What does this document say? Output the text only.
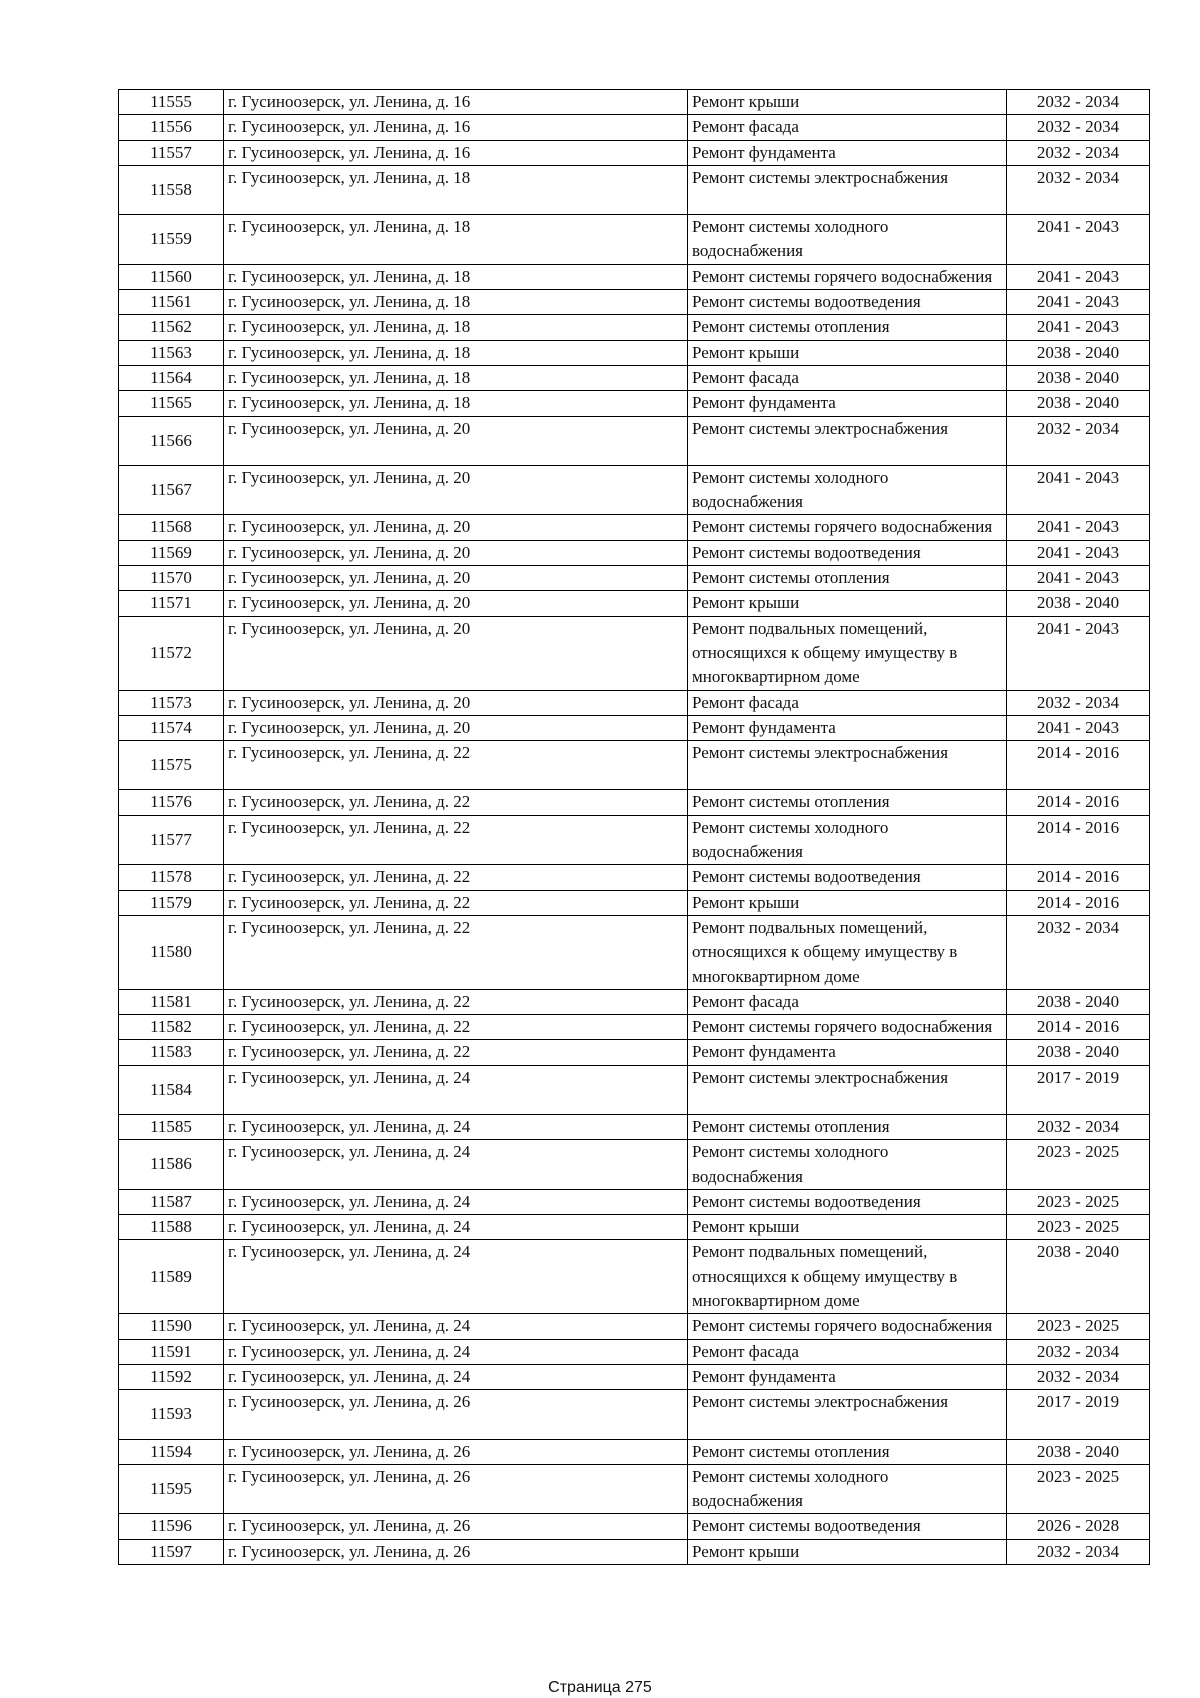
11555	г. Гусиноозерск, ул. Ленина, д. 16	Ремонт крыши	2032 - 2034
11556	г. Гусиноозерск, ул. Ленина, д. 16	Ремонт фасада	2032 - 2034
11557	г. Гусиноозерск, ул. Ленина, д. 16	Ремонт фундамента	2032 - 2034
11558	г. Гусиноозерск, ул. Ленина, д. 18	Ремонт системы электроснабжения	2032 - 2034
11559	г. Гусиноозерск, ул. Ленина, д. 18	Ремонт системы холодного водоснабжения	2041 - 2043
11560	г. Гусиноозерск, ул. Ленина, д. 18	Ремонт системы горячего водоснабжения	2041 - 2043
11561	г. Гусиноозерск, ул. Ленина, д. 18	Ремонт системы водоотведения	2041 - 2043
11562	г. Гусиноозерск, ул. Ленина, д. 18	Ремонт системы отопления	2041 - 2043
11563	г. Гусиноозерск, ул. Ленина, д. 18	Ремонт крыши	2038 - 2040
11564	г. Гусиноозерск, ул. Ленина, д. 18	Ремонт фасада	2038 - 2040
11565	г. Гусиноозерск, ул. Ленина, д. 18	Ремонт фундамента	2038 - 2040
11566	г. Гусиноозерск, ул. Ленина, д. 20	Ремонт системы электроснабжения	2032 - 2034
11567	г. Гусиноозерск, ул. Ленина, д. 20	Ремонт системы холодного водоснабжения	2041 - 2043
11568	г. Гусиноозерск, ул. Ленина, д. 20	Ремонт системы горячего водоснабжения	2041 - 2043
11569	г. Гусиноозерск, ул. Ленина, д. 20	Ремонт системы водоотведения	2041 - 2043
11570	г. Гусиноозерск, ул. Ленина, д. 20	Ремонт системы отопления	2041 - 2043
11571	г. Гусиноозерск, ул. Ленина, д. 20	Ремонт крыши	2038 - 2040
11572	г. Гусиноозерск, ул. Ленина, д. 20	Ремонт подвальных помещений, относящихся к общему имуществу в многоквартирном доме	2041 - 2043
11573	г. Гусиноозерск, ул. Ленина, д. 20	Ремонт фасада	2032 - 2034
11574	г. Гусиноозерск, ул. Ленина, д. 20	Ремонт фундамента	2041 - 2043
11575	г. Гусиноозерск, ул. Ленина, д. 22	Ремонт системы электроснабжения	2014 - 2016
11576	г. Гусиноозерск, ул. Ленина, д. 22	Ремонт системы отопления	2014 - 2016
11577	г. Гусиноозерск, ул. Ленина, д. 22	Ремонт системы холодного водоснабжения	2014 - 2016
11578	г. Гусиноозерск, ул. Ленина, д. 22	Ремонт системы водоотведения	2014 - 2016
11579	г. Гусиноозерск, ул. Ленина, д. 22	Ремонт крыши	2014 - 2016
11580	г. Гусиноозерск, ул. Ленина, д. 22	Ремонт подвальных помещений, относящихся к общему имуществу в многоквартирном доме	2032 - 2034
11581	г. Гусиноозерск, ул. Ленина, д. 22	Ремонт фасада	2038 - 2040
11582	г. Гусиноозерск, ул. Ленина, д. 22	Ремонт системы горячего водоснабжения	2014 - 2016
11583	г. Гусиноозерск, ул. Ленина, д. 22	Ремонт фундамента	2038 - 2040
11584	г. Гусиноозерск, ул. Ленина, д. 24	Ремонт системы электроснабжения	2017 - 2019
11585	г. Гусиноозерск, ул. Ленина, д. 24	Ремонт системы отопления	2032 - 2034
11586	г. Гусиноозерск, ул. Ленина, д. 24	Ремонт системы холодного водоснабжения	2023 - 2025
11587	г. Гусиноозерск, ул. Ленина, д. 24	Ремонт системы водоотведения	2023 - 2025
11588	г. Гусиноозерск, ул. Ленина, д. 24	Ремонт крыши	2023 - 2025
11589	г. Гусиноозерск, ул. Ленина, д. 24	Ремонт подвальных помещений, относящихся к общему имуществу в многоквартирном доме	2038 - 2040
11590	г. Гусиноозерск, ул. Ленина, д. 24	Ремонт системы горячего водоснабжения	2023 - 2025
11591	г. Гусиноозерск, ул. Ленина, д. 24	Ремонт фасада	2032 - 2034
11592	г. Гусиноозерск, ул. Ленина, д. 24	Ремонт фундамента	2032 - 2034
11593	г. Гусиноозерск, ул. Ленина, д. 26	Ремонт системы электроснабжения	2017 - 2019
11594	г. Гусиноозерск, ул. Ленина, д. 26	Ремонт системы отопления	2038 - 2040
11595	г. Гусиноозерск, ул. Ленина, д. 26	Ремонт системы холодного водоснабжения	2023 - 2025
11596	г. Гусиноозерск, ул. Ленина, д. 26	Ремонт системы водоотведения	2026 - 2028
11597	г. Гусиноозерск, ул. Ленина, д. 26	Ремонт крыши	2032 - 2034

Страница 275
